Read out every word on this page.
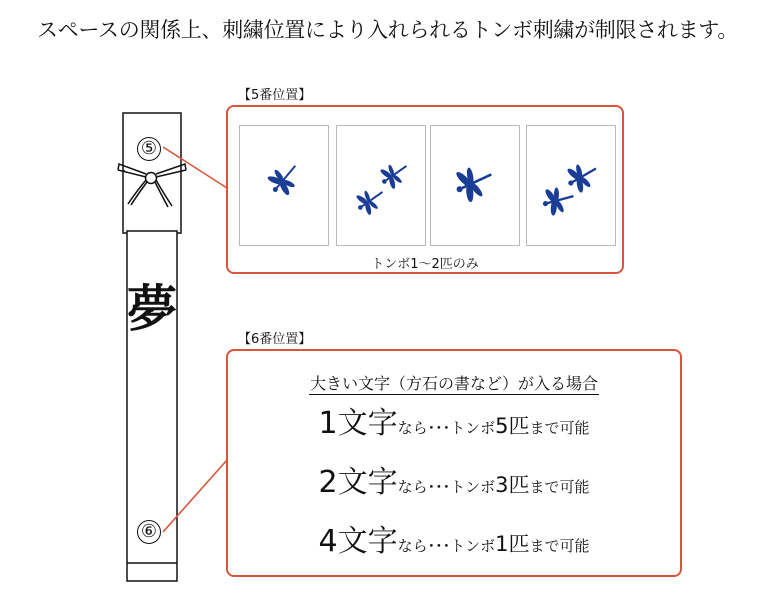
スペースの関係上、刺繍位置により入れられるトンボ刺繍が制限されます。
夢
⑤
⑥
【5番位置】
トンボ1～2匹のみ
【6番位置】
大きい文字（方石の書など）が入る場合
1文字なら･･･トンボ5匹まで可能
2文字なら･･･トンボ3匹まで可能
4文字なら･･･トンボ1匹まで可能
